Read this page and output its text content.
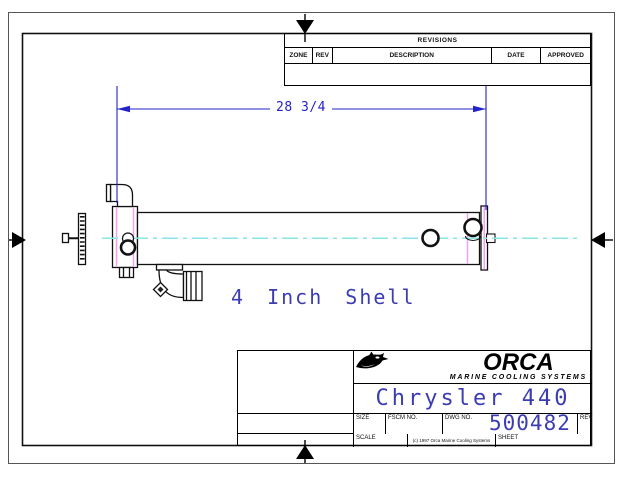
28 3/4
4 Inch Shell
REVISIONS
ZONE	REV	DESCRIPTION	DATE	APPROVED
ORCA
MARINE COOLING SYSTEMS
Chrysler 440
SIZE	FSCM NO.	DWG NO. 500482	REV
SCALE	(c) 1997 Orca Marine Cooling Systems	SHEET
